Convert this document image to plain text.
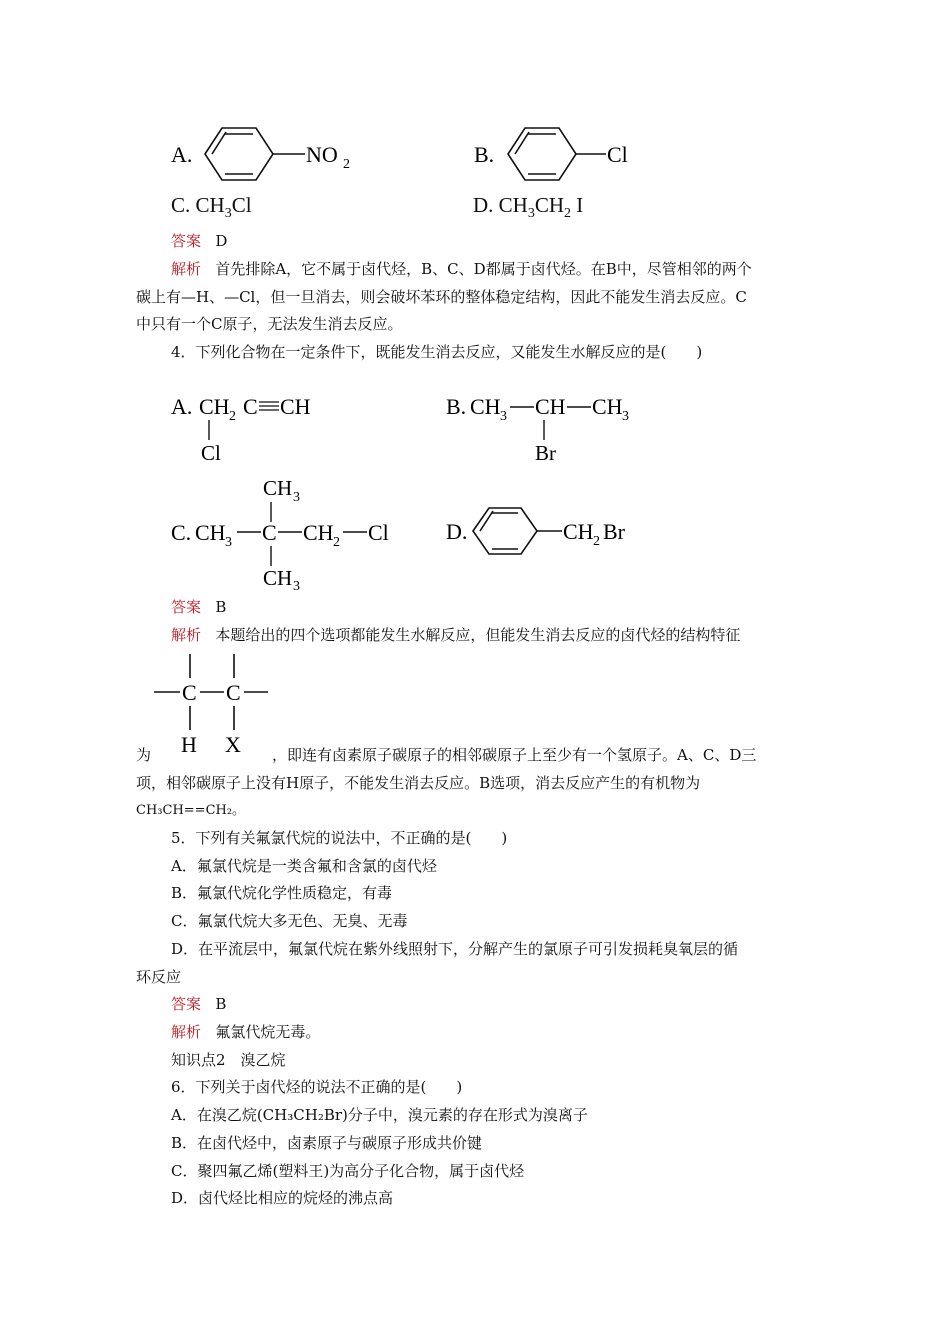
A.	NO 2	B.	Cl
C. $CH_3Cl$	D. $CH_3CH_2$ I
答案 D
解析 首先排除A，它不属于卤代烃，B、C、D都属于卤代烃。在B中，尽管相邻的两个
碳上有—H、—Cl，但一旦消去，则会破坏苯环的整体稳定结构，因此不能发生消去反应。C
中只有一个C原子，无法发生消去反应。
4．下列化合物在一定条件下，既能发生消去反应，又能发生水解反应的是(　　)
A. CH 2 C CH
Cl
B. CH 3 CH CH 3
Br
CH 3
C. CH 3 C CH 2 Cl
CH 3
D.	CH 2 Br
答案 B
解析 本题给出的四个选项都能发生水解反应，但能发生消去反应的卤代烃的结构特征
C C
H X
为	，即连有卤素原子碳原子的相邻碳原子上至少有一个氢原子。A、C、D三
项，相邻碳原子上没有H原子，不能发生消去反应。B选项，消去反应产生的有机物为
CH₃CH==CH₂。
5．下列有关氟氯代烷的说法中，不正确的是(　　)
A．氟氯代烷是一类含氟和含氯的卤代烃
B．氟氯代烷化学性质稳定，有毒
C．氟氯代烷大多无色、无臭、无毒
D．在平流层中，氟氯代烷在紫外线照射下，分解产生的氯原子可引发损耗臭氧层的循
环反应
答案 B
解析 氟氯代烷无毒。
知识点2　溴乙烷
6．下列关于卤代烃的说法不正确的是(　　)
A．在溴乙烷(CH₃CH₂Br)分子中，溴元素的存在形式为溴离子
B．在卤代烃中，卤素原子与碳原子形成共价键
C．聚四氟乙烯(塑料王)为高分子化合物，属于卤代烃
D．卤代烃比相应的烷烃的沸点高
